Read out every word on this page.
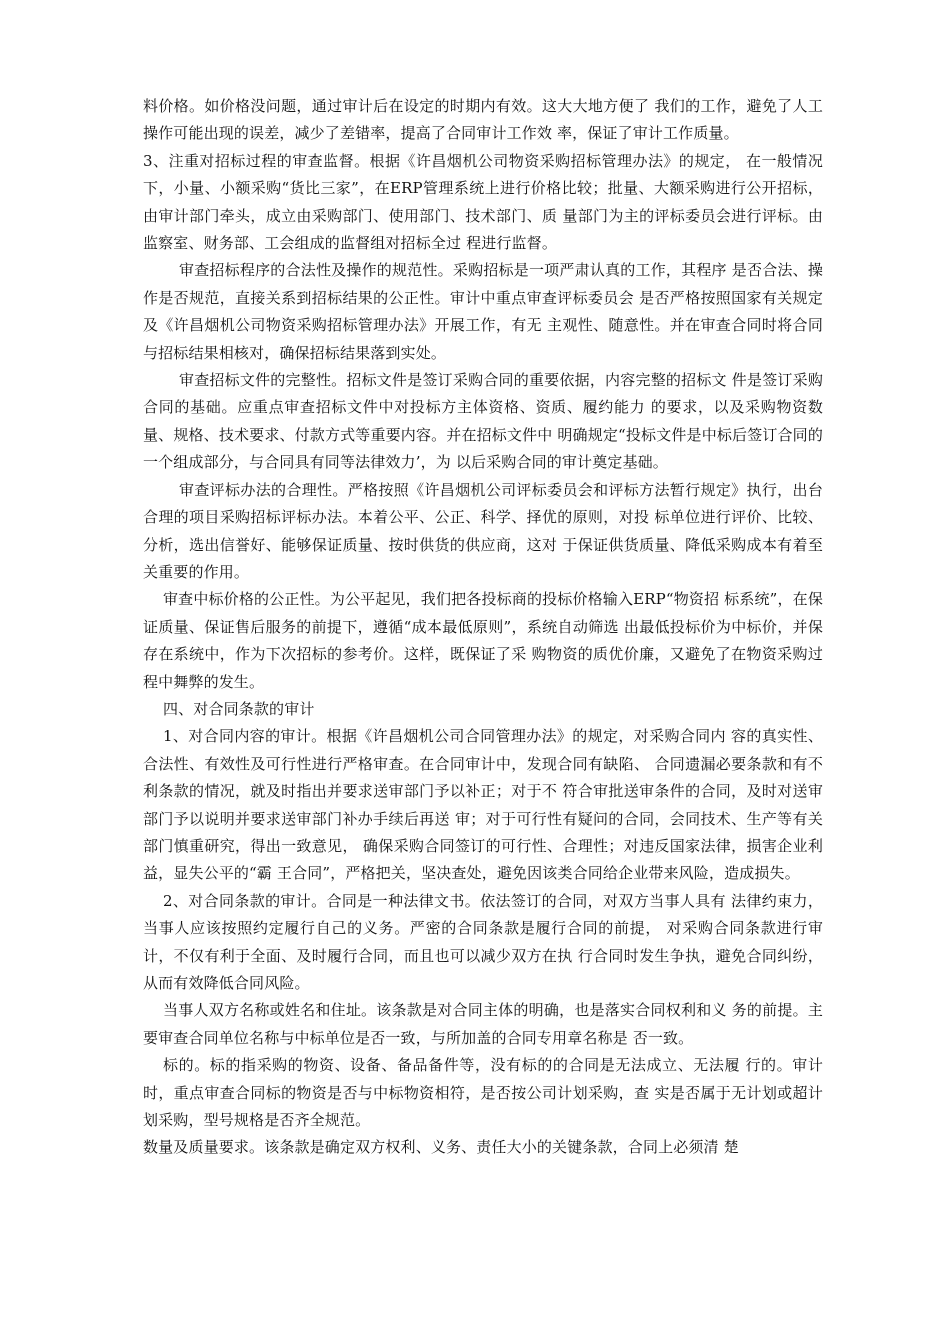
料价格。如价格没问题，通过审计后在设定的时期内有效。这大大地方便了 我们的工作，避免了人工操作可能出现的误差，减少了差错率，提高了合同审计工作效 率，保证了审计工作质量。

3、注重对招标过程的审查监督。根据《许昌烟机公司物资采购招标管理办法》的规定， 在一般情况下，小量、小额采购“货比三家”，在ERP管理系统上进行价格比较；批量、大额采购进行公开招标，由审计部门牵头，成立由采购部门、使用部门、技术部门、质 量部门为主的评标委员会进行评标。由监察室、财务部、工会组成的监督组对招标全过 程进行监督。

审查招标程序的合法性及操作的规范性。采购招标是一项严肃认真的工作，其程序 是否合法、操作是否规范，直接关系到招标结果的公正性。审计中重点审查评标委员会 是否严格按照国家有关规定及《许昌烟机公司物资采购招标管理办法》开展工作，有无 主观性、随意性。并在审查合同时将合同与招标结果相核对，确保招标结果落到实处。

审查招标文件的完整性。招标文件是签订采购合同的重要依据，内容完整的招标文 件是签订采购合同的基础。应重点审查招标文件中对投标方主体资格、资质、履约能力 的要求，以及采购物资数量、规格、技术要求、付款方式等重要内容。并在招标文件中 明确规定“投标文件是中标后签订合同的一个组成部分，与合同具有同等法律效力’，为 以后采购合同的审计奠定基础。

审查评标办法的合理性。严格按照《许昌烟机公司评标委员会和评标方法暂行规定》执行，出台合理的项目采购招标评标办法。本着公平、公正、科学、择优的原则，对投 标单位进行评价、比较、分析，选出信誉好、能够保证质量、按时供货的供应商，这对 于保证供货质量、降低采购成本有着至关重要的作用。

审查中标价格的公正性。为公平起见，我们把各投标商的投标价格输入ERP“物资招 标系统”，在保证质量、保证售后服务的前提下，遵循“成本最低原则”，系统自动筛选 出最低投标价为中标价，并保存在系统中，作为下次招标的参考价。这样，既保证了采 购物资的质优价廉，又避免了在物资采购过程中舞弊的发生。

四、对合同条款的审计

1、对合同内容的审计。根据《许昌烟机公司合同管理办法》的规定，对采购合同内 容的真实性、合法性、有效性及可行性进行严格审查。在合同审计中，发现合同有缺陷、 合同遗漏必要条款和有不利条款的情况，就及时指出并要求送审部门予以补正；对于不 符合审批送审条件的合同，及时对送审部门予以说明并要求送审部门补办手续后再送 审；对于可行性有疑问的合同，会同技术、生产等有关部门慎重研究，得出一致意见， 确保采购合同签订的可行性、合理性；对违反国家法律，损害企业利益，显失公平的“霸 王合同”，严格把关，坚决查处，避免因该类合同给企业带来风险，造成损失。

2、对合同条款的审计。合同是一种法律文书。依法签订的合同，对双方当事人具有 法律约束力，当事人应该按照约定履行自己的义务。严密的合同条款是履行合同的前提， 对采购合同条款进行审计，不仅有利于全面、及时履行合同，而且也可以减少双方在执 行合同时发生争执，避免合同纠纷，从而有效降低合同风险。

当事人双方名称或姓名和住址。该条款是对合同主体的明确，也是落实合同权利和义 务的前提。主要审查合同单位名称与中标单位是否一致，与所加盖的合同专用章名称是 否一致。

标的。标的指采购的物资、设备、备品备件等，没有标的的合同是无法成立、无法履 行的。审计时，重点审查合同标的物资是否与中标物资相符，是否按公司计划采购，查 实是否属于无计划或超计划采购，型号规格是否齐全规范。

数量及质量要求。该条款是确定双方权利、义务、责任大小的关键条款，合同上必须清 楚
